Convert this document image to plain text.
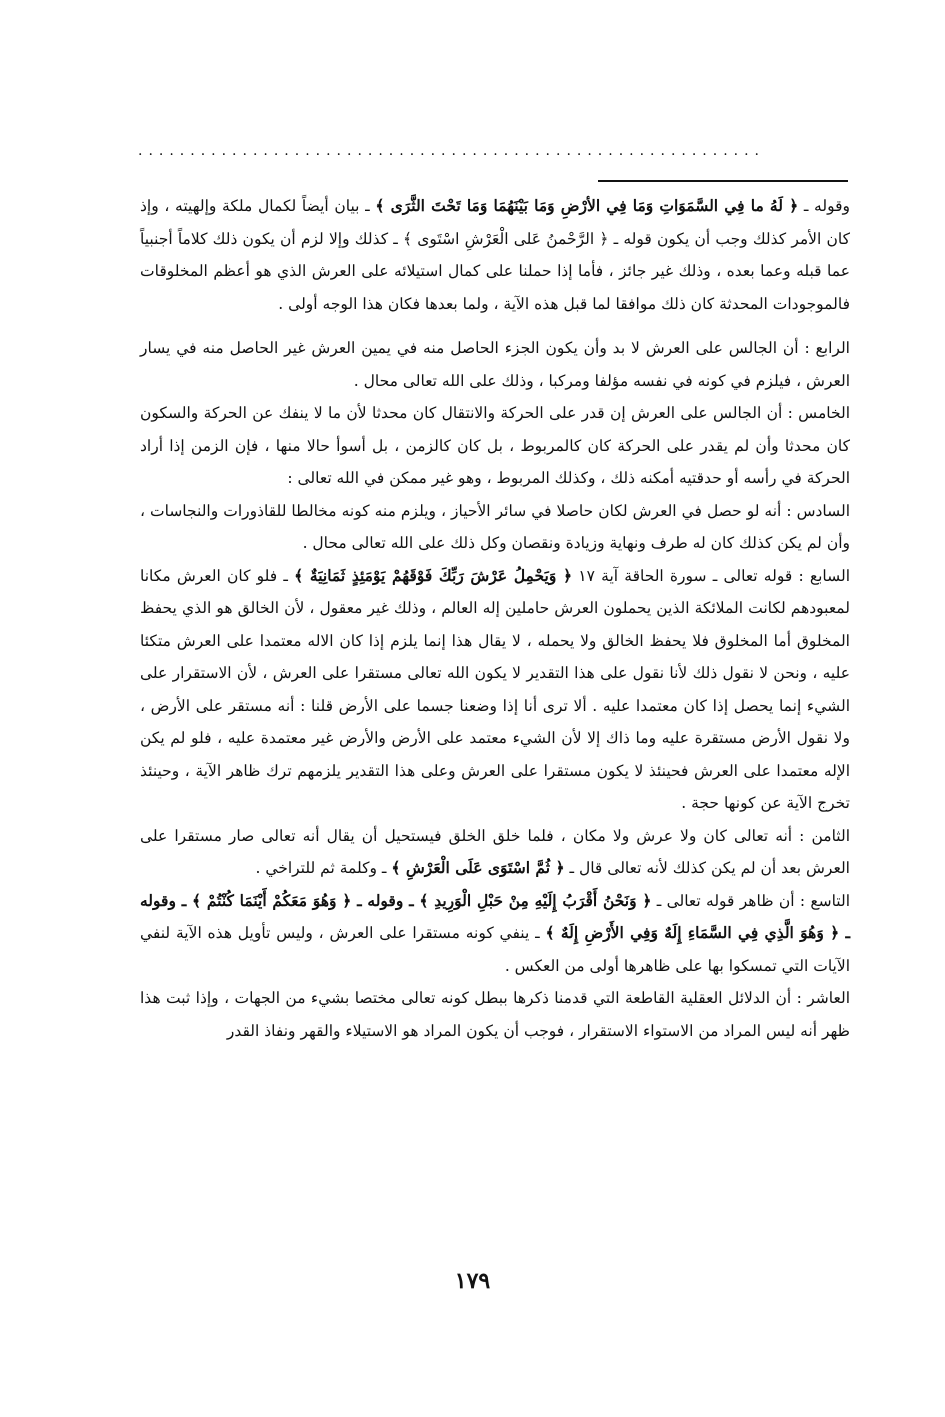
............................................................

وقوله ـ ﴿ لَهُ ما فِي السَّمَوَاتِ وَمَا فِي الأرْضِ وَمَا بَيْنَهُمَا وَمَا تَحْتَ الثَّرَى ﴾ ـ بيان أيضاً لكمال ملكة وإلهيته ، وإذ كان الأمر كذلك وجب أن يكون قوله ـ ﴿ الرَّحْمنُ عَلى الْعَرْشِ اسْتَوى ﴾ ـ كذلك وإلا لزم أن يكون ذلك كلاماً أجنبياً عما قبله وعما بعده ، وذلك غير جائز ، فأما إذا حملنا على كمال استيلائه على العرش الذي هو أعظم المخلوقات فالموجودات المحدثة كان ذلك موافقا لما قبل هذه الآية ، ولما بعدها فكان هذا الوجه أولى .

الرابع : أن الجالس على العرش لا بد وأن يكون الجزء الحاصل منه في يمين العرش غير الحاصل منه في يسار العرش ، فيلزم في كونه في نفسه مؤلفا ومركبا ، وذلك على الله تعالى محال .

الخامس : أن الجالس على العرش إن قدر على الحركة والانتقال كان محدثا لأن ما لا ينفك عن الحركة والسكون كان محدثا وأن لم يقدر على الحركة كان كالمربوط ، بل كان كالزمن ، بل أسوأ حالا منها ، فإن الزمن إذا أراد الحركة في رأسه أو حدقتيه أمكنه ذلك ، وكذلك المربوط ، وهو غير ممكن في الله تعالى :

السادس : أنه لو حصل في العرش لكان حاصلا في سائر الأحياز ، ويلزم منه كونه مخالطا للقاذورات والنجاسات ، وأن لم يكن كذلك كان له طرف ونهاية وزيادة ونقصان وكل ذلك على الله تعالى محال .

السابع : قوله تعالى ـ سورة الحاقة آية ١٧ ﴿ وَيَحْمِلُ عَرْشَ رَبِّكَ فَوْقَهُمْ يَوْمَئِذٍ ثَمَانِيَةٌ ﴾ ـ فلو كان العرش مكانا لمعبودهم لكانت الملائكة الذين يحملون العرش حاملين إله العالم ، وذلك غير معقول ، لأن الخالق هو الذي يحفظ المخلوق أما المخلوق فلا يحفظ الخالق ولا يحمله ، لا يقال هذا إنما يلزم إذا كان الاله معتمدا على العرش متكئا عليه ، ونحن لا نقول ذلك لأنا نقول على هذا التقدير لا يكون الله تعالى مستقرا على العرش ، لأن الاستقرار على الشيء إنما يحصل إذا كان معتمدا عليه . ألا ترى أنا إذا وضعنا جسما على الأرض قلنا : أنه مستقر على الأرض ، ولا نقول الأرض مستقرة عليه وما ذاك إلا لأن الشيء معتمد على الأرض والأرض غير معتمدة عليه ، فلو لم يكن الإله معتمدا على العرش فحينئذ لا يكون مستقرا على العرش وعلى هذا التقدير يلزمهم ترك ظاهر الآية ، وحينئذ تخرج الآية عن كونها حجة .

الثامن : أنه تعالى كان ولا عرش ولا مكان ، فلما خلق الخلق فيستحيل أن يقال أنه تعالى صار مستقرا على العرش بعد أن لم يكن كذلك لأنه تعالى قال ـ ﴿ ثُمَّ اسْتَوَى عَلَى الْعَرْشِ ﴾ ـ وكلمة ثم للتراخي .

التاسع : أن ظاهر قوله تعالى ـ ﴿ وَنَحْنُ أَقْرَبُ إِلَيْهِ مِنْ حَبْلِ الْوَرِيدِ ﴾ ـ وقوله ـ ﴿ وَهُوَ مَعَكُمْ أَيْنَمَا كُنْتُمْ ﴾ ـ وقوله ـ ﴿ وَهُوَ الَّذِي فِي السَّمَاءِ إِلَهٌ وَفِي الأَرْضِ إِلَهٌ ﴾ ـ ينفي كونه مستقرا على العرش ، وليس تأويل هذه الآية لنفي الآيات التي تمسكوا بها على ظاهرها أولى من العكس .

العاشر : أن الدلائل العقلية القاطعة التي قدمنا ذكرها ببطل كونه تعالى مختصا بشيء من الجهات ، وإذا ثبت هذا ظهر أنه ليس المراد من الاستواء الاستقرار ، فوجب أن يكون المراد هو الاستيلاء والقهر ونفاذ القدر

١٧٩
